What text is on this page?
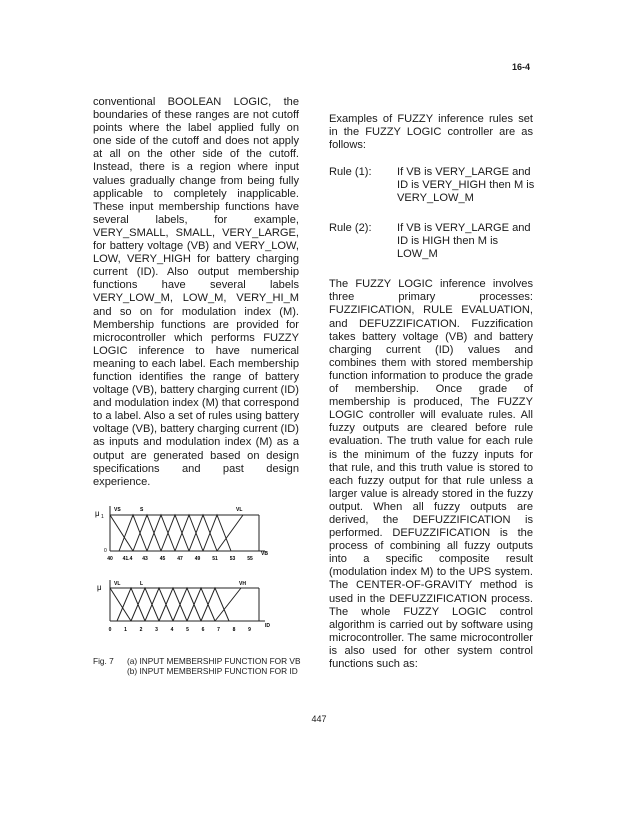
16-4

conventional BOOLEAN LOGIC, the boundaries of these ranges are not cutoff points where the label applied fully on one side of the cutoff and does not apply at all on the other side of the cutoff. Instead, there is a region where input values gradually change from being fully applicable to completely inapplicable. These input membership functions have several labels, for example, VERY_SMALL, SMALL, VERY_LARGE, for battery voltage (VB) and VERY_LOW, LOW, VERY_HIGH for battery charging current (ID). Also output membership functions have several labels VERY_LOW_M, LOW_M, VERY_HI_M and so on for modulation index (M). Membership functions are provided for microcontroller which performs FUZZY LOGIC inference to have numerical meaning to each label. Each membership function identifies the range of battery voltage (VB), battery charging current (ID) and modulation index (M) that correspond to a label. Also a set of rules using battery voltage (VB), battery charging current (ID) as inputs and modulation index (M) as a output are generated based on design specifications and past design experience.

Examples of FUZZY inference rules set in the FUZZY LOGIC controller are as follows:

Rule (1): If VB is VERY_LARGE and ID is VERY_HIGH then M is VERY_LOW_M
Rule (2): If VB is VERY_LARGE and ID is HIGH then M is LOW_M

The FUZZY LOGIC inference involves three primary processes: FUZZIFICATION, RULE EVALUATION, and DEFUZZIFICATION. Fuzzification takes battery voltage (VB) and battery charging current (ID) values and combines them with stored membership function information to produce the grade of membership. Once grade of membership is produced, The FUZZY LOGIC controller will evaluate rules. All fuzzy outputs are cleared before rule evaluation. The truth value for each rule is the minimum of the fuzzy inputs for that rule, and this truth value is stored to each fuzzy output for that rule unless a larger value is already stored in the fuzzy output. When all fuzzy outputs are derived, the DEFUZZIFICATION is performed. DEFUZZIFICATION is the process of combining all fuzzy outputs into a specific composite result (modulation index M) to the UPS system. The CENTER-OF-GRAVITY method is used in the DEFUZZIFICATION process. The whole FUZZY LOGIC control algorithm is carried out by software using microcontroller. The same microcontroller is also used for other system control functions such as:

μ 1
VS	S	VL
0	VB
40 41.4 43 45 47 49 51 53 55
μ VL	L	VH
ID
0	1	2	3	4	5	6	7	8	9
Fig. 7 (a) INPUT MEMBERSHIP FUNCTION FOR VB
(b) INPUT MEMBERSHIP FUNCTION FOR ID
447
